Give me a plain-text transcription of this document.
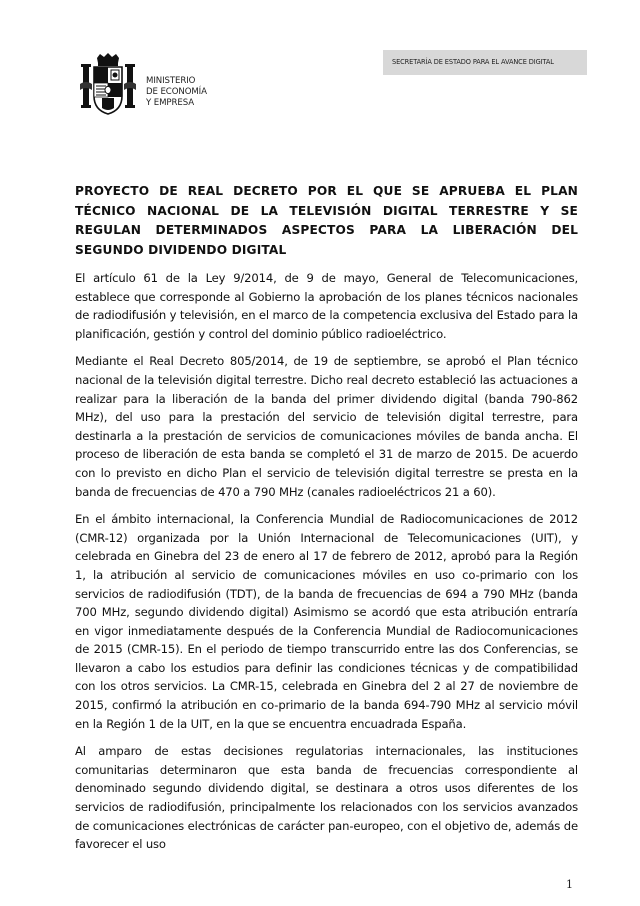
MINISTERIO
DE ECONOMÍA
Y EMPRESA
SECRETARÍA DE ESTADO PARA EL AVANCE DIGITAL

PROYECTO DE REAL DECRETO POR EL QUE SE APRUEBA EL PLAN TÉCNICO NACIONAL DE LA TELEVISIÓN DIGITAL TERRESTRE Y SE REGULAN DETERMINADOS ASPECTOS PARA LA LIBERACIÓN DEL SEGUNDO DIVIDENDO DIGITAL

El artículo 61 de la Ley 9/2014, de 9 de mayo, General de Telecomunicaciones, establece que corresponde al Gobierno la aprobación de los planes técnicos nacionales de radiodifusión y televisión, en el marco de la competencia exclusiva del Estado para la planificación, gestión y control del dominio público radioeléctrico.

Mediante el Real Decreto 805/2014, de 19 de septiembre, se aprobó el Plan técnico nacional de la televisión digital terrestre. Dicho real decreto estableció las actuaciones a realizar para la liberación de la banda del primer dividendo digital (banda 790-862 MHz), del uso para la prestación del servicio de televisión digital terrestre, para destinarla a la prestación de servicios de comunicaciones móviles de banda ancha. El proceso de liberación de esta banda se completó el 31 de marzo de 2015. De acuerdo con lo previsto en dicho Plan el servicio de televisión digital terrestre se presta en la banda de frecuencias de 470 a 790 MHz (canales radioeléctricos 21 a 60).

En el ámbito internacional, la Conferencia Mundial de Radiocomunicaciones de 2012 (CMR-12) organizada por la Unión Internacional de Telecomunicaciones (UIT), y celebrada en Ginebra del 23 de enero al 17 de febrero de 2012, aprobó para la Región 1, la atribución al servicio de comunicaciones móviles en uso co-primario con los servicios de radiodifusión (TDT), de la banda de frecuencias de 694 a 790 MHz (banda 700 MHz, segundo dividendo digital) Asimismo se acordó que esta atribución entraría en vigor inmediatamente después de la Conferencia Mundial de Radiocomunicaciones de 2015 (CMR-15). En el periodo de tiempo transcurrido entre las dos Conferencias, se llevaron a cabo los estudios para definir las condiciones técnicas y de compatibilidad con los otros servicios. La CMR-15, celebrada en Ginebra del 2 al 27 de noviembre de 2015, confirmó la atribución en co-primario de la banda 694-790 MHz al servicio móvil en la Región 1 de la UIT, en la que se encuentra encuadrada España.

Al amparo de estas decisiones regulatorias internacionales, las instituciones comunitarias determinaron que esta banda de frecuencias correspondiente al denominado segundo dividendo digital, se destinara a otros usos diferentes de los servicios de radiodifusión, principalmente los relacionados con los servicios avanzados de comunicaciones electrónicas de carácter pan-europeo, con el objetivo de, además de favorecer el uso

1
